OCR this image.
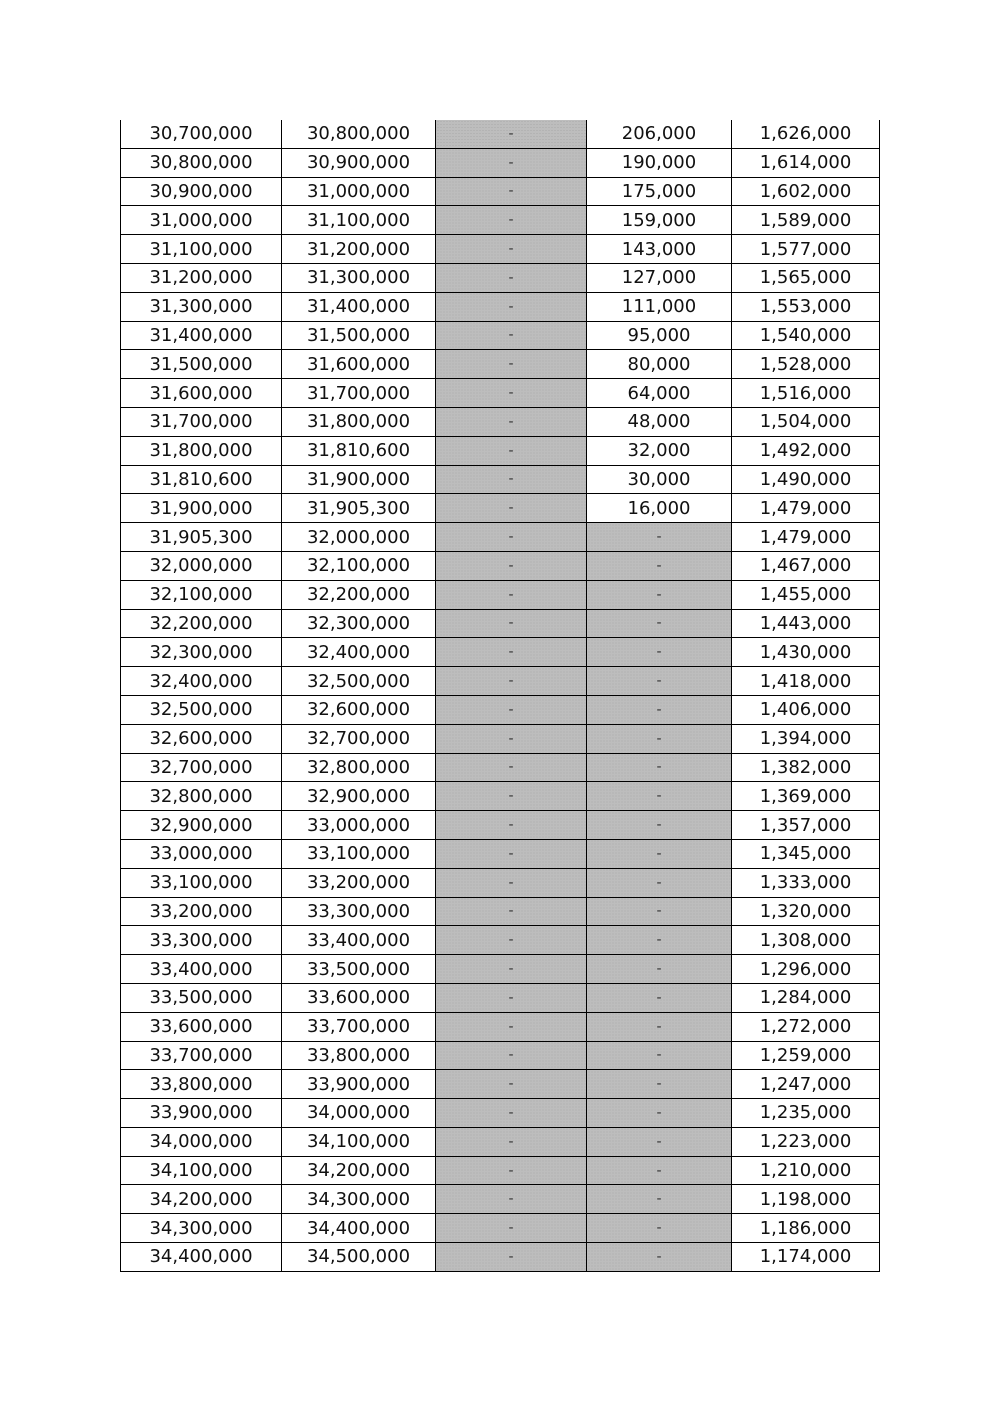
30,700,000	30,800,000	-	206,000	1,626,000
30,800,000	30,900,000	-	190,000	1,614,000
30,900,000	31,000,000	-	175,000	1,602,000
31,000,000	31,100,000	-	159,000	1,589,000
31,100,000	31,200,000	-	143,000	1,577,000
31,200,000	31,300,000	-	127,000	1,565,000
31,300,000	31,400,000	-	111,000	1,553,000
31,400,000	31,500,000	-	95,000	1,540,000
31,500,000	31,600,000	-	80,000	1,528,000
31,600,000	31,700,000	-	64,000	1,516,000
31,700,000	31,800,000	-	48,000	1,504,000
31,800,000	31,810,600	-	32,000	1,492,000
31,810,600	31,900,000	-	30,000	1,490,000
31,900,000	31,905,300	-	16,000	1,479,000
31,905,300	32,000,000	-	-	1,479,000
32,000,000	32,100,000	-	-	1,467,000
32,100,000	32,200,000	-	-	1,455,000
32,200,000	32,300,000	-	-	1,443,000
32,300,000	32,400,000	-	-	1,430,000
32,400,000	32,500,000	-	-	1,418,000
32,500,000	32,600,000	-	-	1,406,000
32,600,000	32,700,000	-	-	1,394,000
32,700,000	32,800,000	-	-	1,382,000
32,800,000	32,900,000	-	-	1,369,000
32,900,000	33,000,000	-	-	1,357,000
33,000,000	33,100,000	-	-	1,345,000
33,100,000	33,200,000	-	-	1,333,000
33,200,000	33,300,000	-	-	1,320,000
33,300,000	33,400,000	-	-	1,308,000
33,400,000	33,500,000	-	-	1,296,000
33,500,000	33,600,000	-	-	1,284,000
33,600,000	33,700,000	-	-	1,272,000
33,700,000	33,800,000	-	-	1,259,000
33,800,000	33,900,000	-	-	1,247,000
33,900,000	34,000,000	-	-	1,235,000
34,000,000	34,100,000	-	-	1,223,000
34,100,000	34,200,000	-	-	1,210,000
34,200,000	34,300,000	-	-	1,198,000
34,300,000	34,400,000	-	-	1,186,000
34,400,000	34,500,000	-	-	1,174,000
